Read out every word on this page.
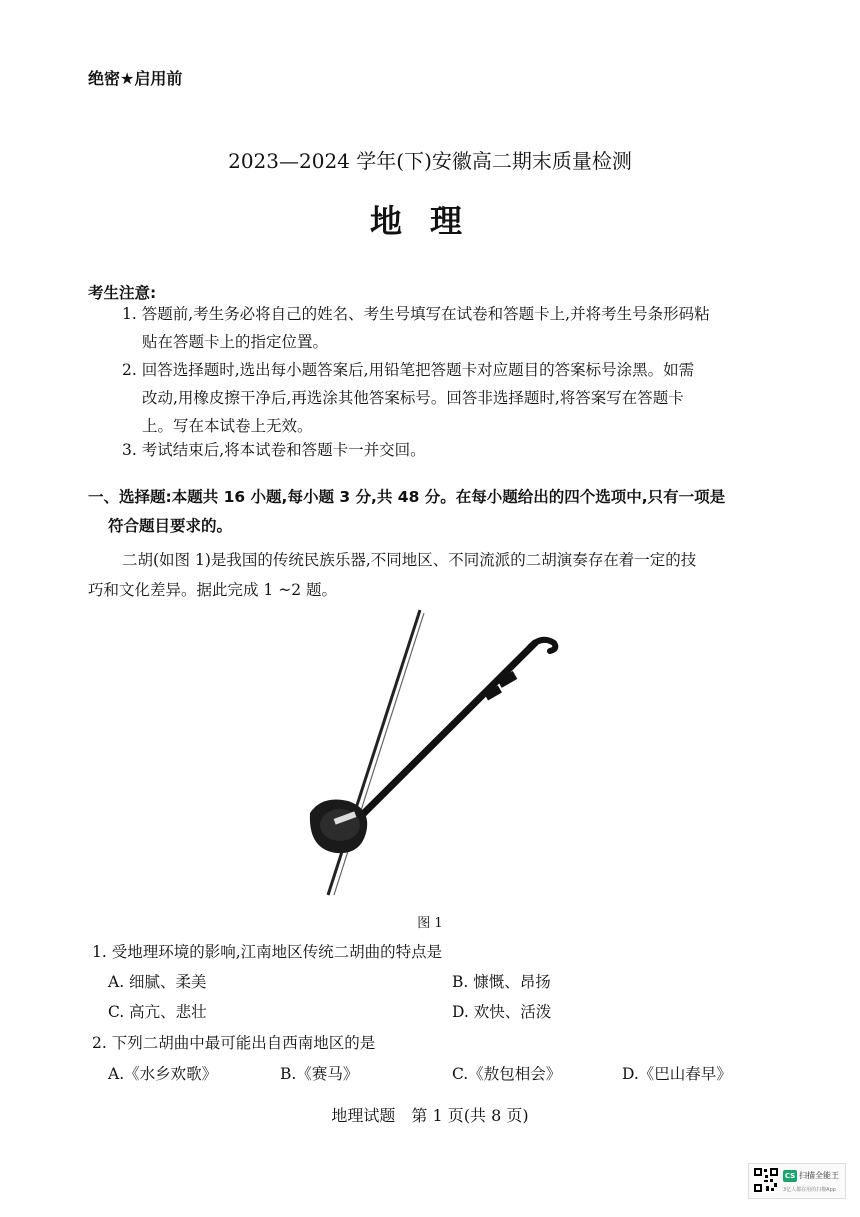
绝密★启用前
2023—2024 学年(下)安徽高二期末质量检测
地理
考生注意:
1. 答题前,考生务必将自己的姓名、考生号填写在试卷和答题卡上,并将考生号条形码粘
贴在答题卡上的指定位置。
2. 回答选择题时,选出每小题答案后,用铅笔把答题卡对应题目的答案标号涂黑。如需
改动,用橡皮擦干净后,再选涂其他答案标号。回答非选择题时,将答案写在答题卡
上。写在本试卷上无效。
3. 考试结束后,将本试卷和答题卡一并交回。
一、选择题:本题共 16 小题,每小题 3 分,共 48 分。在每小题给出的四个选项中,只有一项是
符合题目要求的。
二胡(如图 1)是我国的传统民族乐器,不同地区、不同流派的二胡演奏存在着一定的技
巧和文化差异。据此完成 1 ~2 题。
图 1
1. 受地理环境的影响,江南地区传统二胡曲的特点是
A. 细腻、柔美	B. 慷慨、昂扬
C. 高亢、悲壮	D. 欢快、活泼
2. 下列二胡曲中最可能出自西南地区的是
A.《水乡欢歌》	B.《赛马》	C.《敖包相会》	D.《巴山春早》
地理试题　第 1 页(共 8 页)
CS 扫描全能王
3亿人都在用的扫描App
